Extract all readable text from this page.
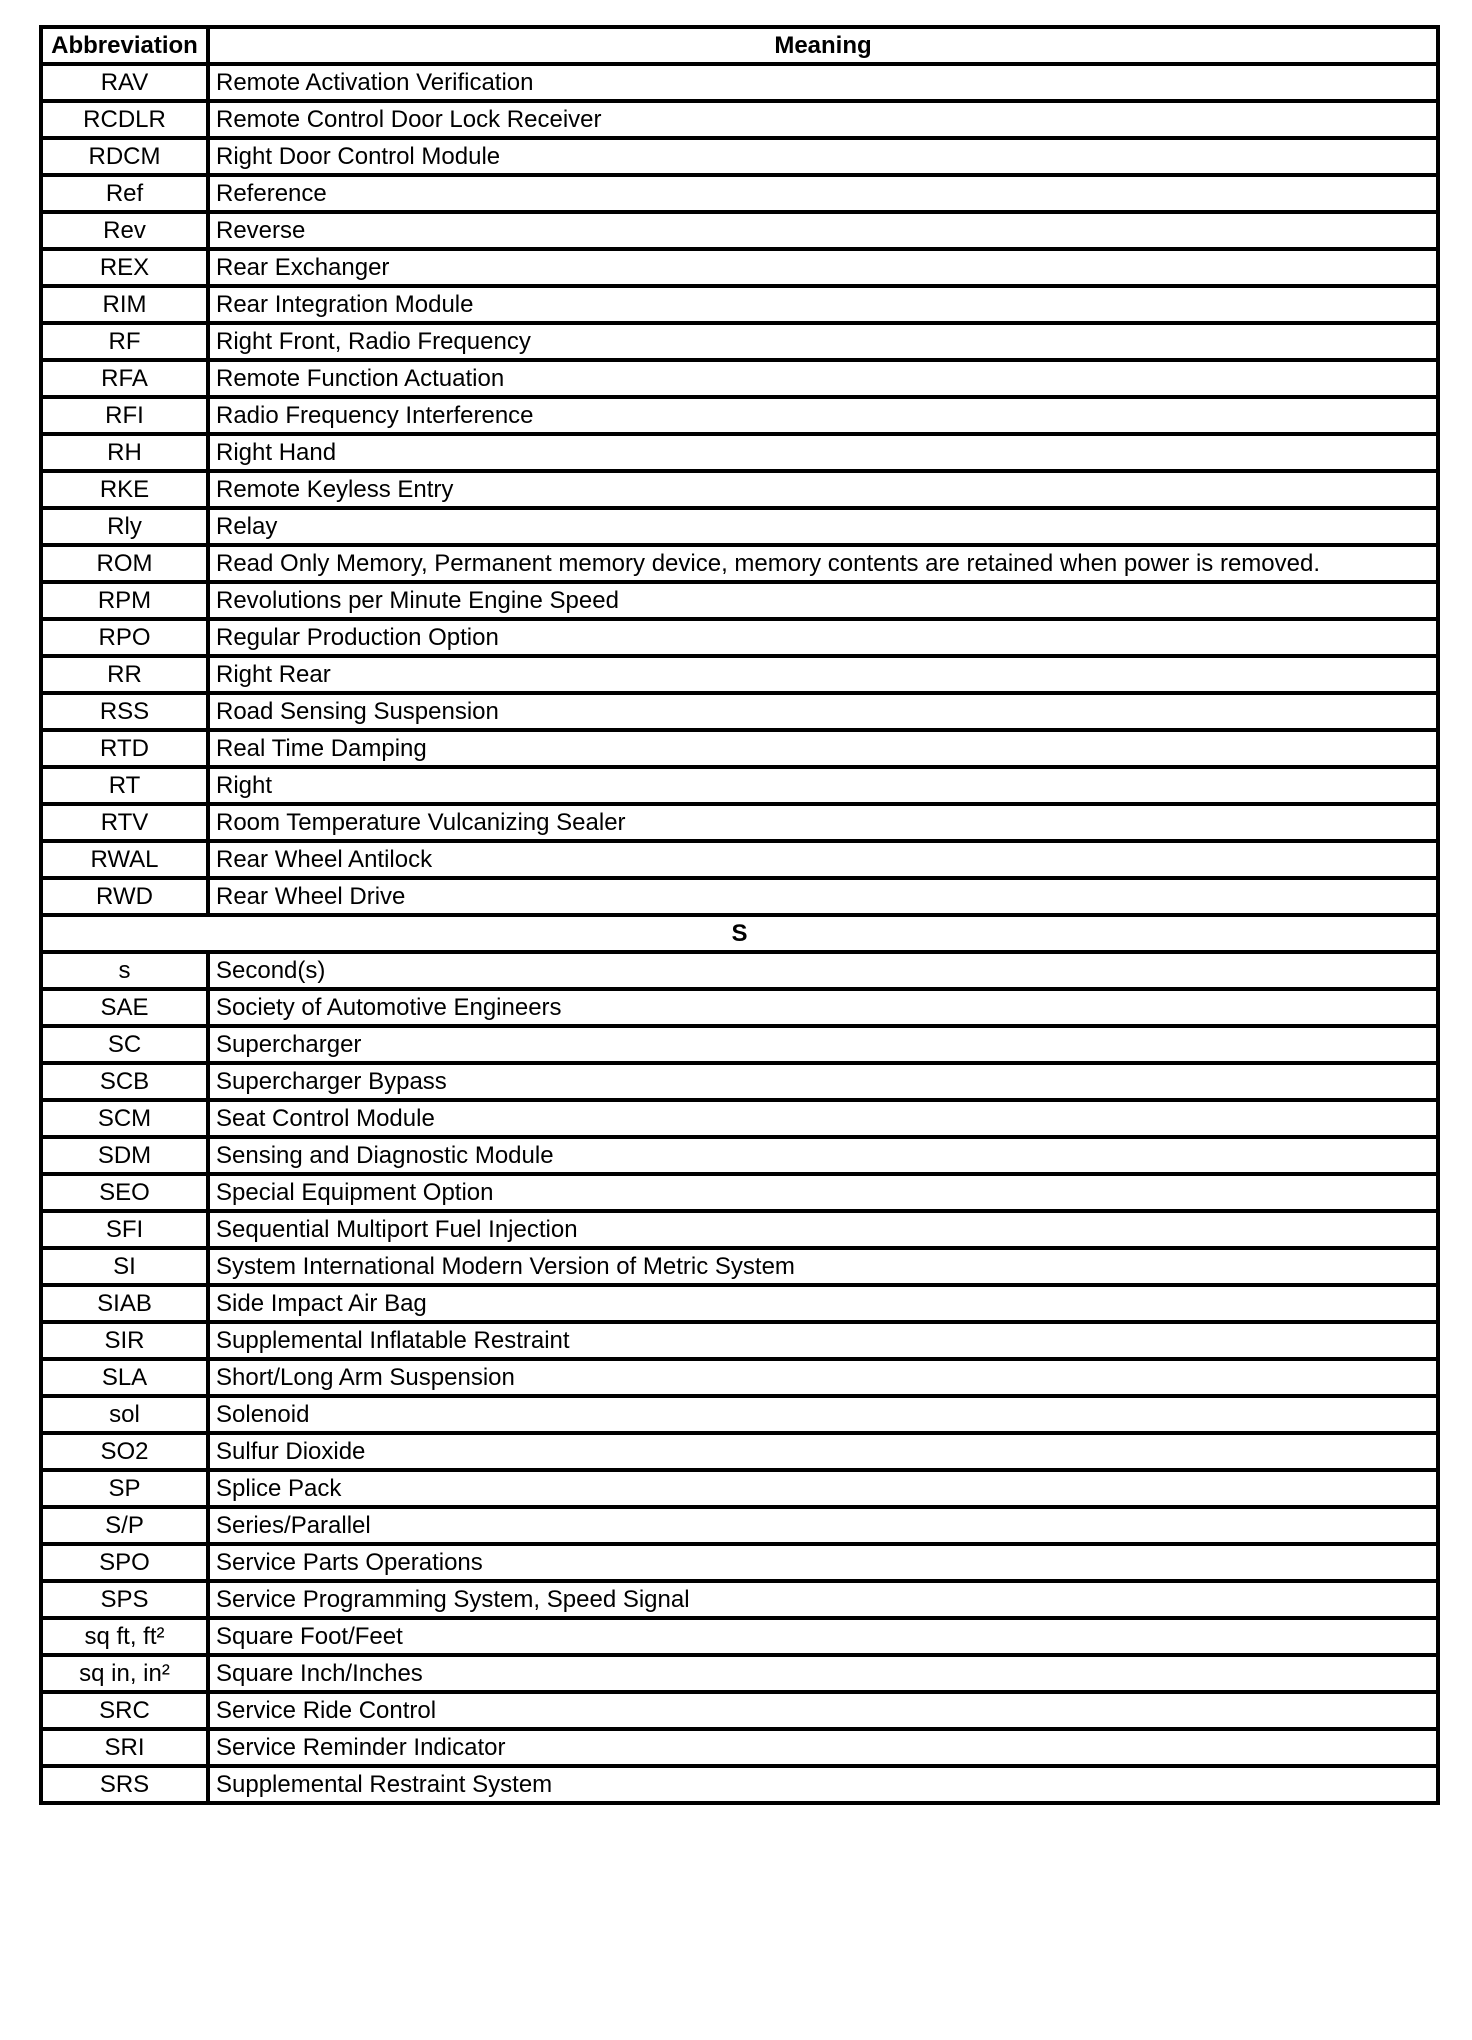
Abbreviation	Meaning
RAV	Remote Activation Verification
RCDLR	Remote Control Door Lock Receiver
RDCM	Right Door Control Module
Ref	Reference
Rev	Reverse
REX	Rear Exchanger
RIM	Rear Integration Module
RF	Right Front, Radio Frequency
RFA	Remote Function Actuation
RFI	Radio Frequency Interference
RH	Right Hand
RKE	Remote Keyless Entry
Rly	Relay
ROM	Read Only Memory, Permanent memory device, memory contents are retained when power is removed.
RPM	Revolutions per Minute Engine Speed
RPO	Regular Production Option
RR	Right Rear
RSS	Road Sensing Suspension
RTD	Real Time Damping
RT	Right
RTV	Room Temperature Vulcanizing Sealer
RWAL	Rear Wheel Antilock
RWD	Rear Wheel Drive
S	
s	Second(s)
SAE	Society of Automotive Engineers
SC	Supercharger
SCB	Supercharger Bypass
SCM	Seat Control Module
SDM	Sensing and Diagnostic Module
SEO	Special Equipment Option
SFI	Sequential Multiport Fuel Injection
SI	System International Modern Version of Metric System
SIAB	Side Impact Air Bag
SIR	Supplemental Inflatable Restraint
SLA	Short/Long Arm Suspension
sol	Solenoid
SO2	Sulfur Dioxide
SP	Splice Pack
S/P	Series/Parallel
SPO	Service Parts Operations
SPS	Service Programming System, Speed Signal
sq ft, ft²	Square Foot/Feet
sq in, in²	Square Inch/Inches
SRC	Service Ride Control
SRI	Service Reminder Indicator
SRS	Supplemental Restraint System
